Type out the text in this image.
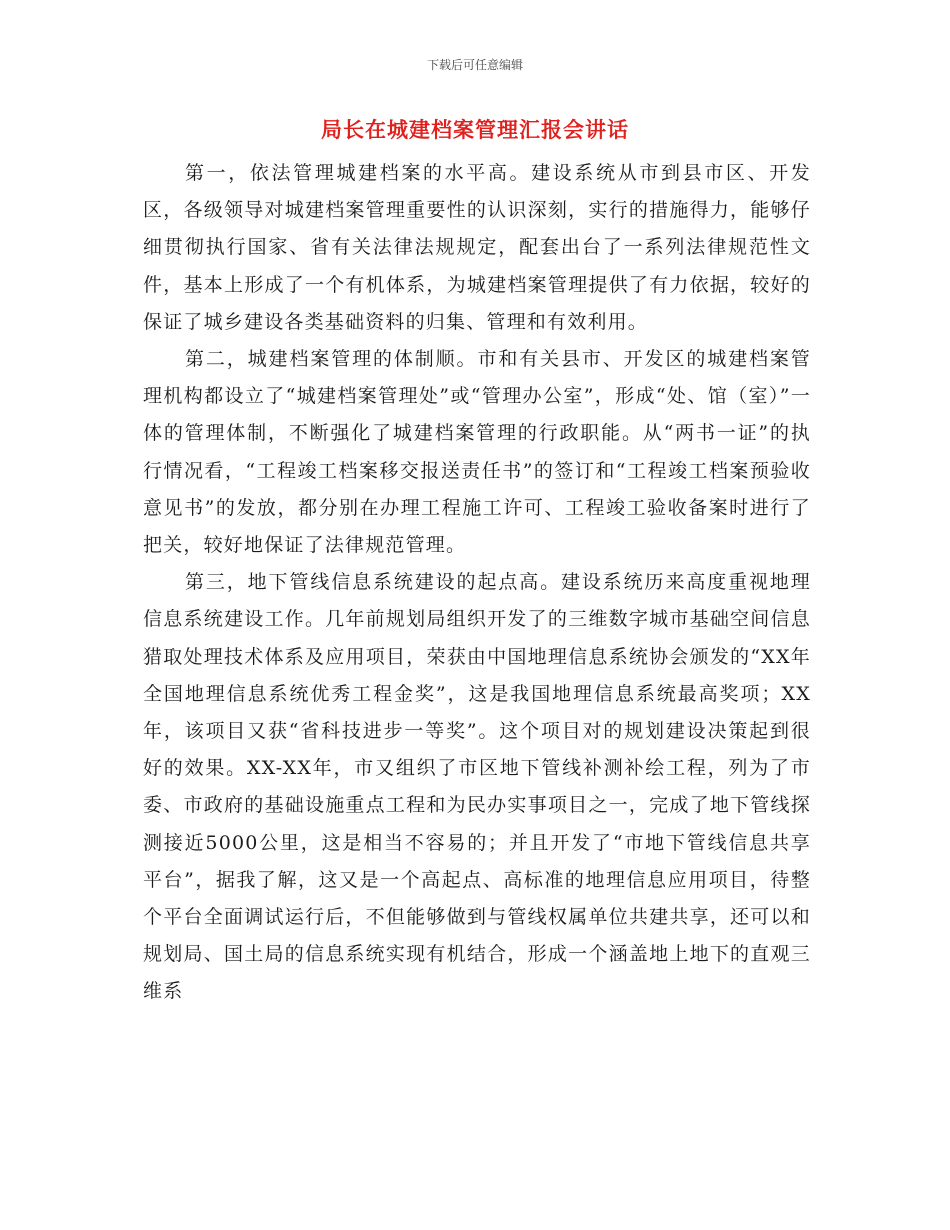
下载后可任意编辑
局长在城建档案管理汇报会讲话

第一，依法管理城建档案的水平高。建设系统从市到县市区、开发区，各级领导对城建档案管理重要性的认识深刻，实行的措施得力，能够仔细贯彻执行国家、省有关法律法规规定，配套出台了一系列法律规范性文件，基本上形成了一个有机体系，为城建档案管理提供了有力依据，较好的保证了城乡建设各类基础资料的归集、管理和有效利用。

第二，城建档案管理的体制顺。市和有关县市、开发区的城建档案管理机构都设立了“城建档案管理处”或“管理办公室”，形成“处、馆（室）”一体的管理体制，不断强化了城建档案管理的行政职能。从“两书一证”的执行情况看，“工程竣工档案移交报送责任书”的签订和“工程竣工档案预验收意见书”的发放，都分别在办理工程施工许可、工程竣工验收备案时进行了把关，较好地保证了法律规范管理。

第三，地下管线信息系统建设的起点高。建设系统历来高度重视地理信息系统建设工作。几年前规划局组织开发了的三维数字城市基础空间信息猎取处理技术体系及应用项目，荣获由中国地理信息系统协会颁发的“XX年全国地理信息系统优秀工程金奖”，这是我国地理信息系统最高奖项；XX年，该项目又获“省科技进步一等奖”。这个项目对的规划建设决策起到很好的效果。XX-XX年，市又组织了市区地下管线补测补绘工程，列为了市委、市政府的基础设施重点工程和为民办实事项目之一，完成了地下管线探测接近5000公里，这是相当不容易的；并且开发了“市地下管线信息共享平台”，据我了解，这又是一个高起点、高标准的地理信息应用项目，待整个平台全面调试运行后，不但能够做到与管线权属单位共建共享，还可以和规划局、国土局的信息系统实现有机结合，形成一个涵盖地上地下的直观三维系
